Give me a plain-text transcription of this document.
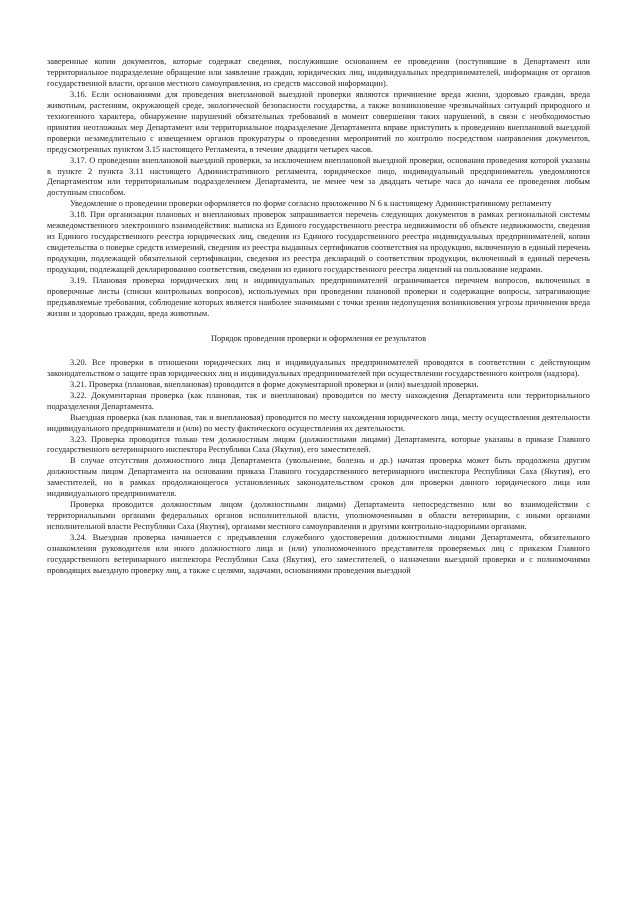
заверенные копии документов, которые содержат сведения, послужившие основанием ее проведения (поступившие в Департамент или территориальное подразделение обращение или заявление граждан, юридических лиц, индивидуальных предпринимателей, информация от органов государственной власти, органов местного самоуправления, из средств массовой информации).

3.16. Если основаниями для проведения внеплановой выездной проверки являются причинение вреда жизни, здоровью граждан, вреда животным, растениям, окружающей среде, экологической безопасности государства, а также возникновение чрезвычайных ситуаций природного и техногенного характера, обнаружение нарушений обязательных требований в момент совершения таких нарушений, в связи с необходимостью принятия неотложных мер Департамент или территориальное подразделение Департамента вправе приступить к проведению внеплановой выездной проверки незамедлительно с извещением органов прокуратуры о проведении мероприятий по контролю посредством направления документов, предусмотренных пунктом 3.15 настоящего Регламента, в течение двадцати четырех часов.

3.17. О проведении внеплановой выездной проверки, за исключением внеплановой выездной проверки, основания проведения которой указаны в пункте 2 пункта 3.11 настоящего Административного регламента, юридическое лицо, индивидуальный предприниматель уведомляются Департаментом или территориальным подразделением Департамента, не менее чем за двадцать четыре часа до начала ее проведения любым доступным способом.

Уведомление о проведении проверки оформляется по форме согласно приложению N 6 к настоящему Административному регламенту

3.18. При организации плановых и внеплановых проверок запрашивается перечень следующих документов в рамках региональной системы межведомственного электронного взаимодействия: выписка из Единого государственного реестра недвижимости об объекте недвижимости, сведения из Единого государственного реестра юридических лиц, сведения из Единого государственного реестра индивидуальных предпринимателей, копии свидетельства о поверке средств измерений, сведения из реестра выданных сертификатов соответствия на продукцию, включенную в единый перечень продукции, подлежащей обязательной сертификации, сведения из реестра деклараций о соответствии продукции, включенный в единый перечень продукции, подлежащей декларированию соответствия, сведения из единого государственного реестра лицензий на пользование недрами.

3.19. Плановая проверка юридических лиц и индивидуальных предпринимателей ограничивается перечнем вопросов, включенных в проверочные листы (списки контрольных вопросов), используемых при проведении плановой проверки и содержащие вопросы, затрагивающие предъявляемые требования, соблюдение которых является наиболее значимыми с точки зрения недопущения возникновения угрозы причинения вреда жизни и здоровью граждан, вреда животным.

Порядок проведения проверки и оформления ее результатов

3.20. Все проверки в отношении юридических лиц и индивидуальных предпринимателей проводятся в соответствии с действующим законодательством о защите прав юридических лиц и индивидуальных предпринимателей при осуществлении государственного контроля (надзора).

3.21. Проверка (плановая, внеплановая) проводится в форме документарной проверки и (или) выездной проверки.

3.22. Документарная проверка (как плановая, так и внеплановая) проводится по месту нахождения Департамента или территориального подразделения Департамента.

Выездная проверка (как плановая, так и внеплановая) проводится по месту нахождения юридического лица, месту осуществления деятельности индивидуального предпринимателя и (или) по месту фактического осуществления их деятельности.

3.23. Проверка проводится только тем должностным лицом (должностными лицами) Департамента, которые указаны в приказе Главного государственного ветеринарного инспектора Республики Саха (Якутия), его заместителей.

В случае отсутствия должностного лица Департамента (увольнение, болезнь и др.) начатая проверка может быть продолжена другим должностным лицом Департамента на основании приказа Главного государственного ветеринарного инспектора Республики Саха (Якутия), его заместителей, но в рамках продолжающегося установленных законодательством сроков для проверки данного юридического лица или индивидуального предпринимателя.

Проверка проводится должностным лицом (должностными лицами) Департамента непосредственно или во взаимодействии с территориальными органами федеральных органов исполнительной власти, уполномоченными в области ветеринарии, с иными органами исполнительной власти Республики Саха (Якутия), органами местного самоуправления и другими контрольно-надзорными органами.

3.24. Выездная проверка начинается с предъявления служебного удостоверения должностными лицами Департамента, обязательного ознакомления руководителя или иного должностного лица и (или) уполномоченного представителя проверяемых лиц с приказом Главного государственного ветеринарного инспектора Республики Саха (Якутия), его заместителей, о назначении выездной проверки и с полномочиями проводящих выездную проверку лиц, а также с целями, задачами, основаниями проведения выездной
